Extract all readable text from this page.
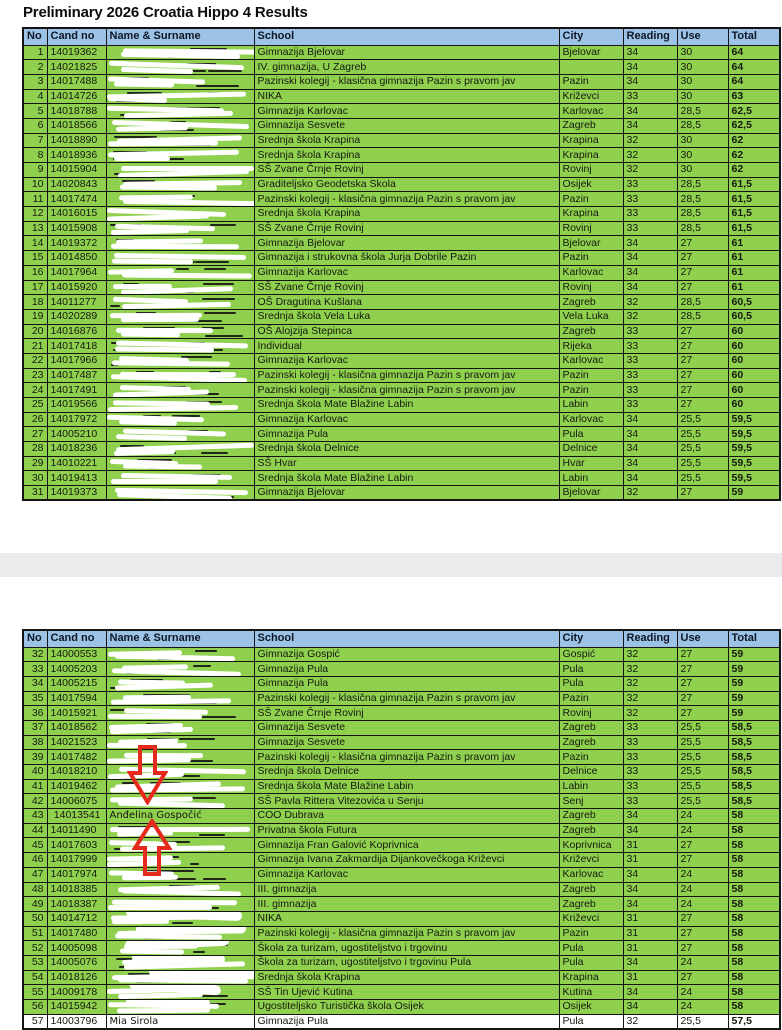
Preliminary 2026 Croatia Hippo 4 Results
No	Cand no	Name & Surname	School	City	Reading	Use	Total
1	14019362		Gimnazija Bjelovar	Bjelovar	34	30	64
2	14021825		IV. gimnazija, U Zagreb		34	30	64
3	14017488		Pazinski kolegij - klasična gimnazija Pazin s pravom jav	Pazin	34	30	64
4	14014726		NIKA	Križevci	33	30	63
5	14018788		Gimnazija Karlovac	Karlovac	34	28,5	62,5
6	14018566		Gimnazija Sesvete	Zagreb	34	28,5	62,5
7	14018890		Srednja škola Krapina	Krapina	32	30	62
8	14018936		Srednja škola Krapina	Krapina	32	30	62
9	14015904		SŠ Zvane Črnje Rovinj	Rovinj	32	30	62
10	14020843		Graditeljsko Geodetska Skola	Osijek	33	28,5	61,5
11	14017474		Pazinski kolegij - klasična gimnazija Pazin s pravom jav	Pazin	33	28,5	61,5
12	14016015		Srednja škola Krapina	Krapina	33	28,5	61,5
13	14015908		SŠ Zvane Črnje Rovinj	Rovinj	33	28,5	61,5
14	14019372		Gimnazija Bjelovar	Bjelovar	34	27	61
15	14014850		Gimnazija i strukovna škola Jurja Dobrile Pazin	Pazin	34	27	61
16	14017964		Gimnazija Karlovac	Karlovac	34	27	61
17	14015920		SŠ Zvane Črnje Rovinj	Rovinj	34	27	61
18	14011277		OŠ Dragutina Kušlana	Zagreb	32	28,5	60,5
19	14020289		Srednja škola Vela Luka	Vela Luka	32	28,5	60,5
20	14016876		OŠ Alojzija Stepinca	Zagreb	33	27	60
21	14017418		Individual	Rijeka	33	27	60
22	14017966		Gimnazija Karlovac	Karlovac	33	27	60
23	14017487		Pazinski kolegij - klasična gimnazija Pazin s pravom jav	Pazin	33	27	60
24	14017491		Pazinski kolegij - klasična gimnazija Pazin s pravom jav	Pazin	33	27	60
25	14019566		Srednja škola Mate Blažine Labin	Labin	33	27	60
26	14017972		Gimnazija Karlovac	Karlovac	34	25,5	59,5
27	14005210		Gimnazija Pula	Pula	34	25,5	59,5
28	14018236		Srednja škola Delnice	Delnice	34	25,5	59,5
29	14010221		SŠ Hvar	Hvar	34	25,5	59,5
30	14019413		Srednja škola Mate Blažine Labin	Labin	34	25,5	59,5
31	14019373		Gimnazija Bjelovar	Bjelovar	32	27	59
No	Cand no	Name & Surname	School	City	Reading	Use	Total
32	14000553		Gimnazija Gospić	Gospić	32	27	59
33	14005203		Gimnazija Pula	Pula	32	27	59
34	14005215		Gimnazija Pula	Pula	32	27	59
35	14017594		Pazinski kolegij - klasična gimnazija Pazin s pravom jav	Pazin	32	27	59
36	14015921		SŠ Zvane Črnje Rovinj	Rovinj	32	27	59
37	14018562		Gimnazija Sesvete	Zagreb	33	25,5	58,5
38	14021523		Gimnazija Sesvete	Zagreb	33	25,5	58,5
39	14017482		Pazinski kolegij - klasična gimnazija Pazin s pravom jav	Pazin	33	25,5	58,5
40	14018210		Srednja škola Delnice	Delnice	33	25,5	58,5
41	14019462		Srednja škola Mate Blažine Labin	Labin	33	25,5	58,5
42	14006075		SŠ Pavla Rittera Vitezovića u Senju	Senj	33	25,5	58,5
43	14013541	Anđelina Gospočić	COO Dubrava	Zagreb	34	24	58
44	14011490		Privatna škola Futura	Zagreb	34	24	58
45	14017603		Gimnazija Fran Galović Koprivnica	Koprivnica	31	27	58
46	14017999		Gimnazija Ivana Zakmardija Dijankovečkoga Križevci	Križevci	31	27	58
47	14017974		Gimnazija Karlovac	Karlovac	34	24	58
48	14018385		III. gimnazija	Zagreb	34	24	58
49	14018387		III. gimnazija	Zagreb	34	24	58
50	14014712		NIKA	Križevci	31	27	58
51	14017480		Pazinski kolegij - klasična gimnazija Pazin s pravom jav	Pazin	31	27	58
52	14005098		Škola za turizam, ugostiteljstvo i trgovinu	Pula	31	27	58
53	14005076		Škola za turizam, ugostiteljstvo i trgovinu Pula	Pula	34	24	58
54	14018126		Srednja škola Krapina	Krapina	31	27	58
55	14009178		SŠ Tin Ujević Kutina	Kutina	34	24	58
56	14015942		Ugostiteljsko Turistička škola Osijek	Osijek	34	24	58
57	14003796	Mia Sirola	Gimnazija Pula	Pula	32	25,5	57,5
